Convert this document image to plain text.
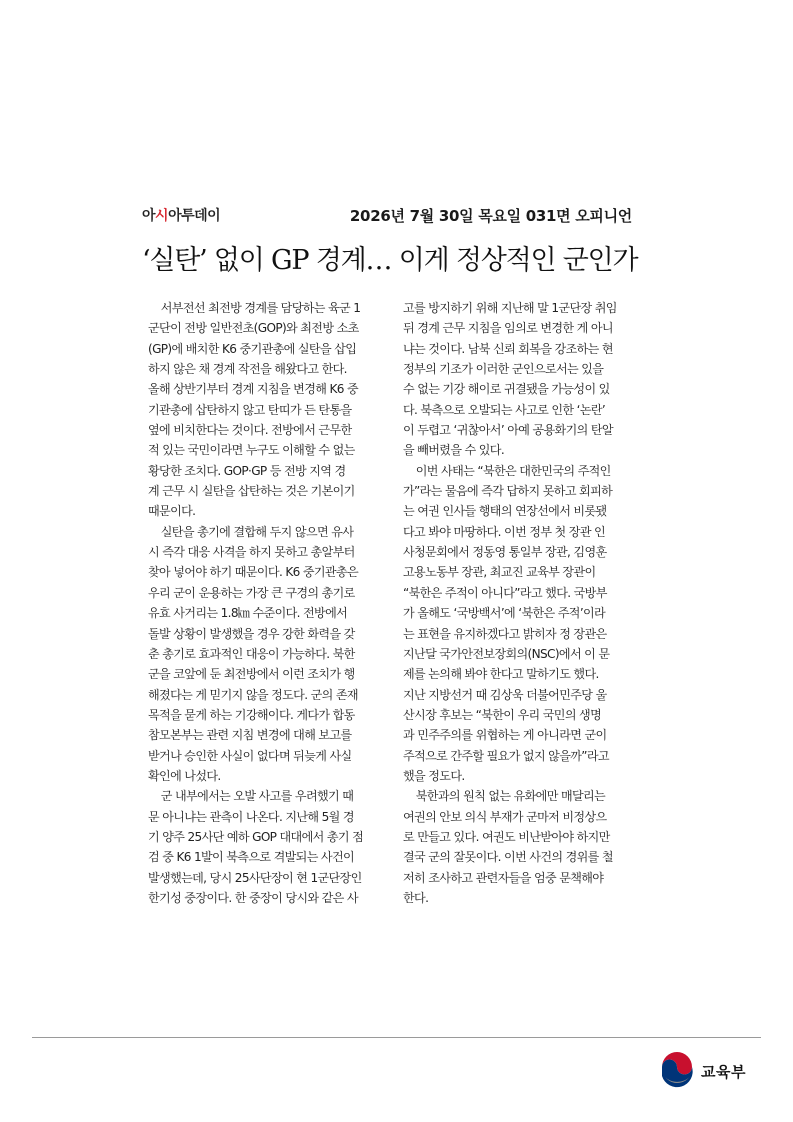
아시아투데이	2026년 7월 30일 목요일 031면 오피니언
‘실탄’ 없이 GP 경계… 이게 정상적인 군인가
서부전선 최전방 경계를 담당하는 육군 1
군단이 전방 일반전초(GOP)와 최전방 소초
(GP)에 배치한 K6 중기관총에 실탄을 삽입
하지 않은 채 경계 작전을 해왔다고 한다.
올해 상반기부터 경계 지침을 변경해 K6 중
기관총에 삽탄하지 않고 탄띠가 든 탄통을
옆에 비치한다는 것이다. 전방에서 근무한
적 있는 국민이라면 누구도 이해할 수 없는
황당한 조치다. GOP·GP 등 전방 지역 경
계 근무 시 실탄을 삽탄하는 것은 기본이기
때문이다.
실탄을 총기에 결합해 두지 않으면 유사
시 즉각 대응 사격을 하지 못하고 총알부터
찾아 넣어야 하기 때문이다. K6 중기관총은
우리 군이 운용하는 가장 큰 구경의 총기로
유효 사거리는 1.8㎞ 수준이다. 전방에서
돌발 상황이 발생했을 경우 강한 화력을 갖
춘 총기로 효과적인 대응이 가능하다. 북한
군을 코앞에 둔 최전방에서 이런 조치가 행
해졌다는 게 믿기지 않을 정도다. 군의 존재
목적을 묻게 하는 기강해이다. 게다가 합동
참모본부는 관련 지침 변경에 대해 보고를
받거나 승인한 사실이 없다며 뒤늦게 사실
확인에 나섰다.
군 내부에서는 오발 사고를 우려했기 때
문 아니냐는 관측이 나온다. 지난해 5월 경
기 양주 25사단 예하 GOP 대대에서 총기 점
검 중 K6 1발이 북측으로 격발되는 사건이
발생했는데, 당시 25사단장이 현 1군단장인
한기성 중장이다. 한 중장이 당시와 같은 사
고를 방지하기 위해 지난해 말 1군단장 취임
뒤 경계 근무 지침을 임의로 변경한 게 아니
냐는 것이다. 남북 신뢰 회복을 강조하는 현
정부의 기조가 이러한 군인으로서는 있을
수 없는 기강 해이로 귀결됐을 가능성이 있
다. 북측으로 오발되는 사고로 인한 ‘논란’
이 두렵고 ‘귀찮아서’ 아예 공용화기의 탄알
을 빼버렸을 수 있다.
이번 사태는 “북한은 대한민국의 주적인
가”라는 물음에 즉각 답하지 못하고 회피하
는 여권 인사들 행태의 연장선에서 비롯됐
다고 봐야 마땅하다. 이번 정부 첫 장관 인
사청문회에서 정동영 통일부 장관, 김영훈
고용노동부 장관, 최교진 교육부 장관이
“북한은 주적이 아니다”라고 했다. 국방부
가 올해도 ‘국방백서’에 ‘북한은 주적’이라
는 표현을 유지하겠다고 밝히자 정 장관은
지난달 국가안전보장회의(NSC)에서 이 문
제를 논의해 봐야 한다고 말하기도 했다.
지난 지방선거 때 김상욱 더불어민주당 울
산시장 후보는 “북한이 우리 국민의 생명
과 민주주의를 위협하는 게 아니라면 군이
주적으로 간주할 필요가 없지 않을까”라고
했을 정도다.
북한과의 원칙 없는 유화에만 매달리는
여권의 안보 의식 부재가 군마저 비정상으
로 만들고 있다. 여권도 비난받아야 하지만
결국 군의 잘못이다. 이번 사건의 경위를 철
저히 조사하고 관련자들을 엄중 문책해야
한다.
교육부
